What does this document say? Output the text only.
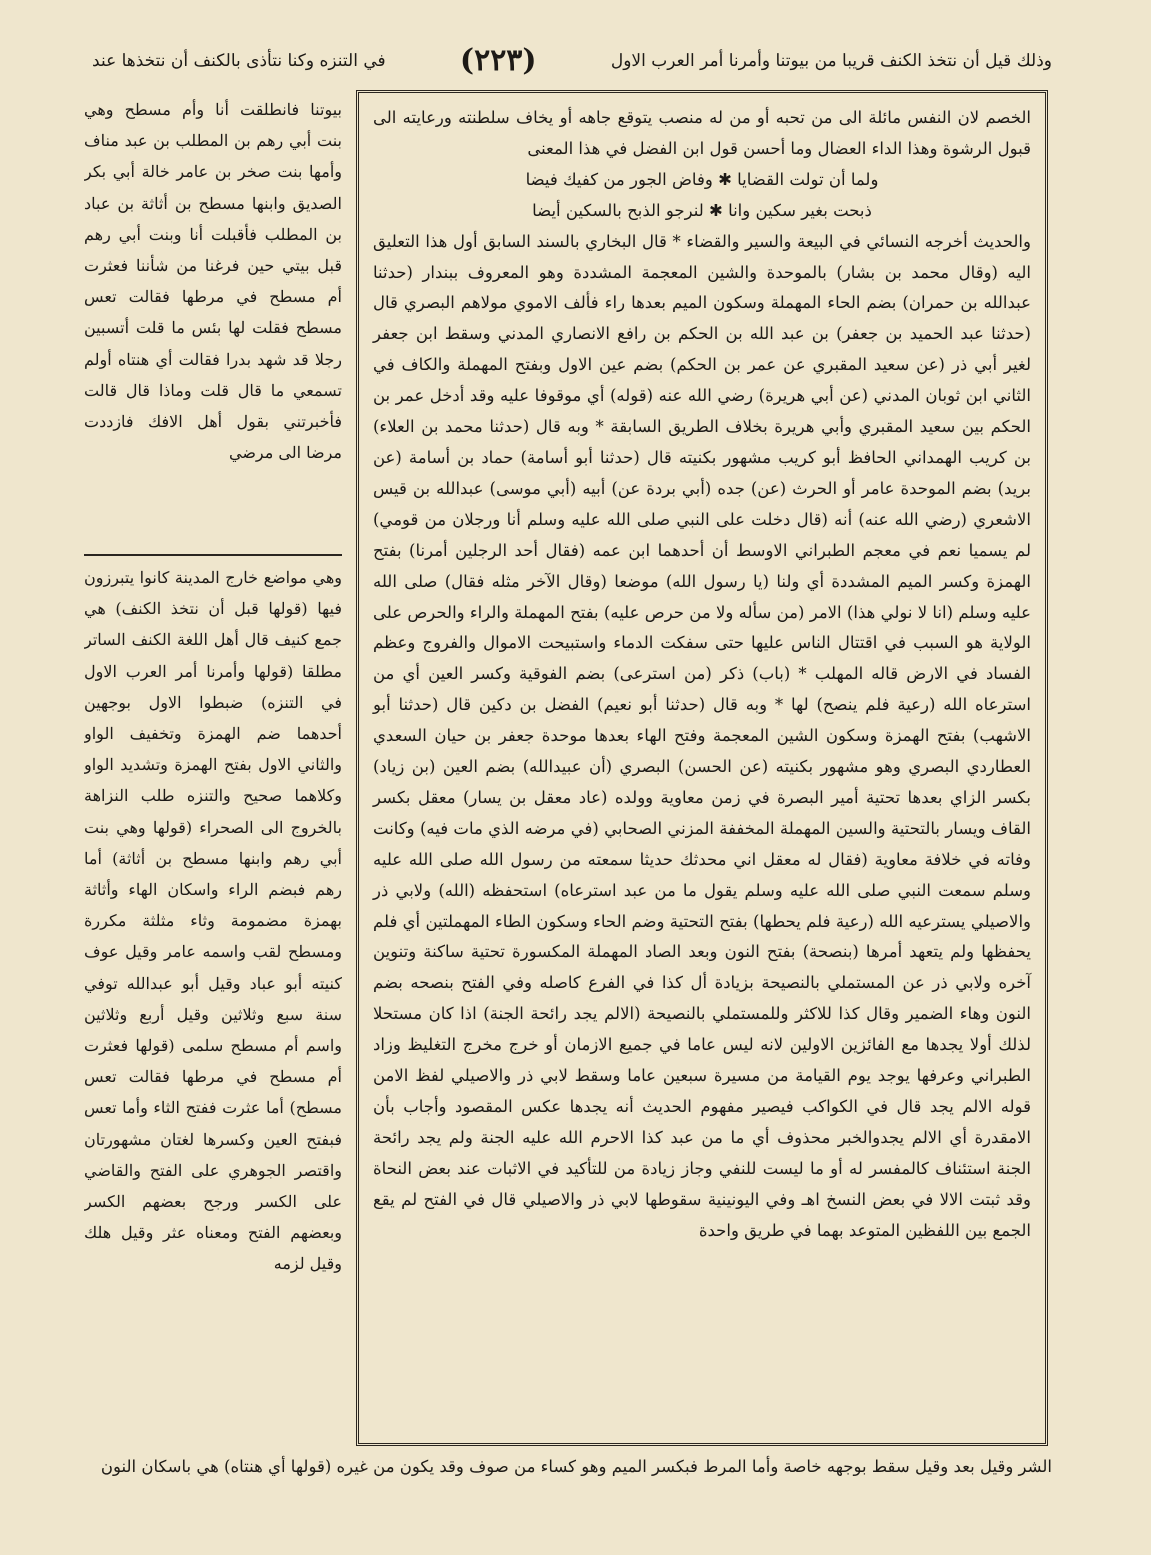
وذلك قيل أن نتخذ الكنف قريبا من بيوتنا وأمرنا أمر العرب الاول
(٢٢٣)
في التنزه وكنا نتأذى بالكنف أن نتخذها عند

الخصم لان النفس مائلة الى من تحبه أو من له منصب يتوقع جاهه أو يخاف سلطنته ورعايته الى قبول الرشوة وهذا الداء العضال وما أحسن قول ابن الفضل في هذا المعنى

ولما أن تولت القضايا ✱ وفاض الجور من كفيك فيضا

ذبحت بغير سكين وانا ✱ لنرجو الذبح بالسكين أيضا

والحديث أخرجه النسائي في البيعة والسير والقضاء * قال البخاري بالسند السابق أول هذا التعليق اليه (وقال محمد بن بشار) بالموحدة والشين المعجمة المشددة وهو المعروف ببندار (حدثنا عبدالله بن حمران) بضم الحاء المهملة وسكون الميم بعدها راء فألف الاموي مولاهم البصري قال (حدثنا عبد الحميد بن جعفر) بن عبد الله بن الحكم بن رافع الانصاري المدني وسقط ابن جعفر لغير أبي ذر (عن سعيد المقبري عن عمر بن الحكم) بضم عين الاول وبفتح المهملة والكاف في الثاني ابن ثوبان المدني (عن أبي هريرة) رضي الله عنه (قوله) أي موقوفا عليه وقد أدخل عمر بن الحكم بين سعيد المقبري وأبي هريرة بخلاف الطريق السابقة * وبه قال (حدثنا محمد بن العلاء) بن كريب الهمداني الحافظ أبو كريب مشهور بكنيته قال (حدثنا أبو أسامة) حماد بن أسامة (عن بريد) بضم الموحدة عامر أو الحرث (عن) جده (أبي بردة عن) أبيه (أبي موسى) عبدالله بن قيس الاشعري (رضي الله عنه) أنه (قال دخلت على النبي صلى الله عليه وسلم أنا ورجلان من قومي) لم يسميا نعم في معجم الطبراني الاوسط أن أحدهما ابن عمه (فقال أحد الرجلين أمرنا) بفتح الهمزة وكسر الميم المشددة أي ولنا (يا رسول الله) موضعا (وقال الآخر مثله فقال) صلى الله عليه وسلم (انا لا نولي هذا) الامر (من سأله ولا من حرص عليه) بفتح المهملة والراء والحرص على الولاية هو السبب في اقتتال الناس عليها حتى سفكت الدماء واستبيحت الاموال والفروج وعظم الفساد في الارض قاله المهلب * (باب) ذكر (من استرعى) بضم الفوقية وكسر العين أي من استرعاه الله (رعية فلم ينصح) لها * وبه قال (حدثنا أبو نعيم) الفضل بن دكين قال (حدثنا أبو الاشهب) بفتح الهمزة وسكون الشين المعجمة وفتح الهاء بعدها موحدة جعفر بن حيان السعدي العطاردي البصري وهو مشهور بكنيته (عن الحسن) البصري (أن عبيدالله) بضم العين (بن زياد) بكسر الزاي بعدها تحتية أمير البصرة في زمن معاوية وولده (عاد معقل بن يسار) معقل بكسر القاف ويسار بالتحتية والسين المهملة المخففة المزني الصحابي (في مرضه الذي مات فيه) وكانت وفاته في خلافة معاوية (فقال له معقل اني محدثك حديثا سمعته من رسول الله صلى الله عليه وسلم سمعت النبي صلى الله عليه وسلم يقول ما من عبد استرعاه) استحفظه (الله) ولابي ذر والاصيلي يسترعيه الله (رعية فلم يحطها) بفتح التحتية وضم الحاء وسكون الطاء المهملتين أي فلم يحفظها ولم يتعهد أمرها (بنصحة) بفتح النون وبعد الصاد المهملة المكسورة تحتية ساكنة وتنوين آخره ولابي ذر عن المستملي بالنصيحة بزيادة أل كذا في الفرع كاصله وفي الفتح بنصحه بضم النون وهاء الضمير وقال كذا للاكثر وللمستملي بالنصيحة (الالم يجد رائحة الجنة) اذا كان مستحلا لذلك أولا يجدها مع الفائزين الاولين لانه ليس عاما في جميع الازمان أو خرج مخرج التغليظ وزاد الطبراني وعرفها يوجد يوم القيامة من مسيرة سبعين عاما وسقط لابي ذر والاصيلي لفظ الامن قوله الالم يجد قال في الكواكب فيصير مفهوم الحديث أنه يجدها عكس المقصود وأجاب بأن الامقدرة أي الالم يجدوالخبر محذوف أي ما من عبد كذا الاحرم الله عليه الجنة ولم يجد رائحة الجنة استئناف كالمفسر له أو ما ليست للنفي وجاز زيادة من للتأكيد في الاثبات عند بعض النحاة وقد ثبتت الالا في بعض النسخ اهـ وفي اليونينية سقوطها لابي ذر والاصيلي قال في الفتح لم يقع الجمع بين اللفظين المتوعد بهما في طريق واحدة

بيوتنا فانطلقت أنا وأم مسطح وهي بنت أبي رهم بن المطلب بن عبد مناف وأمها بنت صخر بن عامر خالة أبي بكر الصديق وابنها مسطح بن أثاثة بن عباد بن المطلب فأقبلت أنا وبنت أبي رهم قبل بيتي حين فرغنا من شأننا فعثرت أم مسطح في مرطها فقالت تعس مسطح فقلت لها بئس ما قلت أتسبين رجلا قد شهد بدرا فقالت أي هنتاه أولم تسمعي ما قال قلت وماذا قال قالت فأخبرتني بقول أهل الافك فازددت مرضا الى مرضي

وهي مواضع خارج المدينة كانوا يتبرزون فيها (قولها قبل أن نتخذ الكنف) هي جمع كنيف قال أهل اللغة الكنف الساتر مطلقا (قولها وأمرنا أمر العرب الاول في التنزه) ضبطوا الاول بوجهين أحدهما ضم الهمزة وتخفيف الواو والثاني الاول بفتح الهمزة وتشديد الواو وكلاهما صحيح والتنزه طلب النزاهة بالخروج الى الصحراء (قولها وهي بنت أبي رهم وابنها مسطح بن أثاثة) أما رهم فبضم الراء واسكان الهاء وأثاثة بهمزة مضمومة وثاء مثلثة مكررة ومسطح لقب واسمه عامر وقيل عوف كنيته أبو عباد وقيل أبو عبدالله توفي سنة سبع وثلاثين وقيل أربع وثلاثين واسم أم مسطح سلمى (قولها فعثرت أم مسطح في مرطها فقالت تعس مسطح) أما عثرت ففتح الثاء وأما تعس فبفتح العين وكسرها لغتان مشهورتان واقتصر الجوهري على الفتح والقاضي على الكسر ورجح بعضهم الكسر وبعضهم الفتح ومعناه عثر وقيل هلك وقيل لزمه

الشر وقيل بعد وقيل سقط بوجهه خاصة وأما المرط فبكسر الميم وهو كساء من صوف وقد يكون من غيره (قولها أي هنتاه) هي باسكان النون
